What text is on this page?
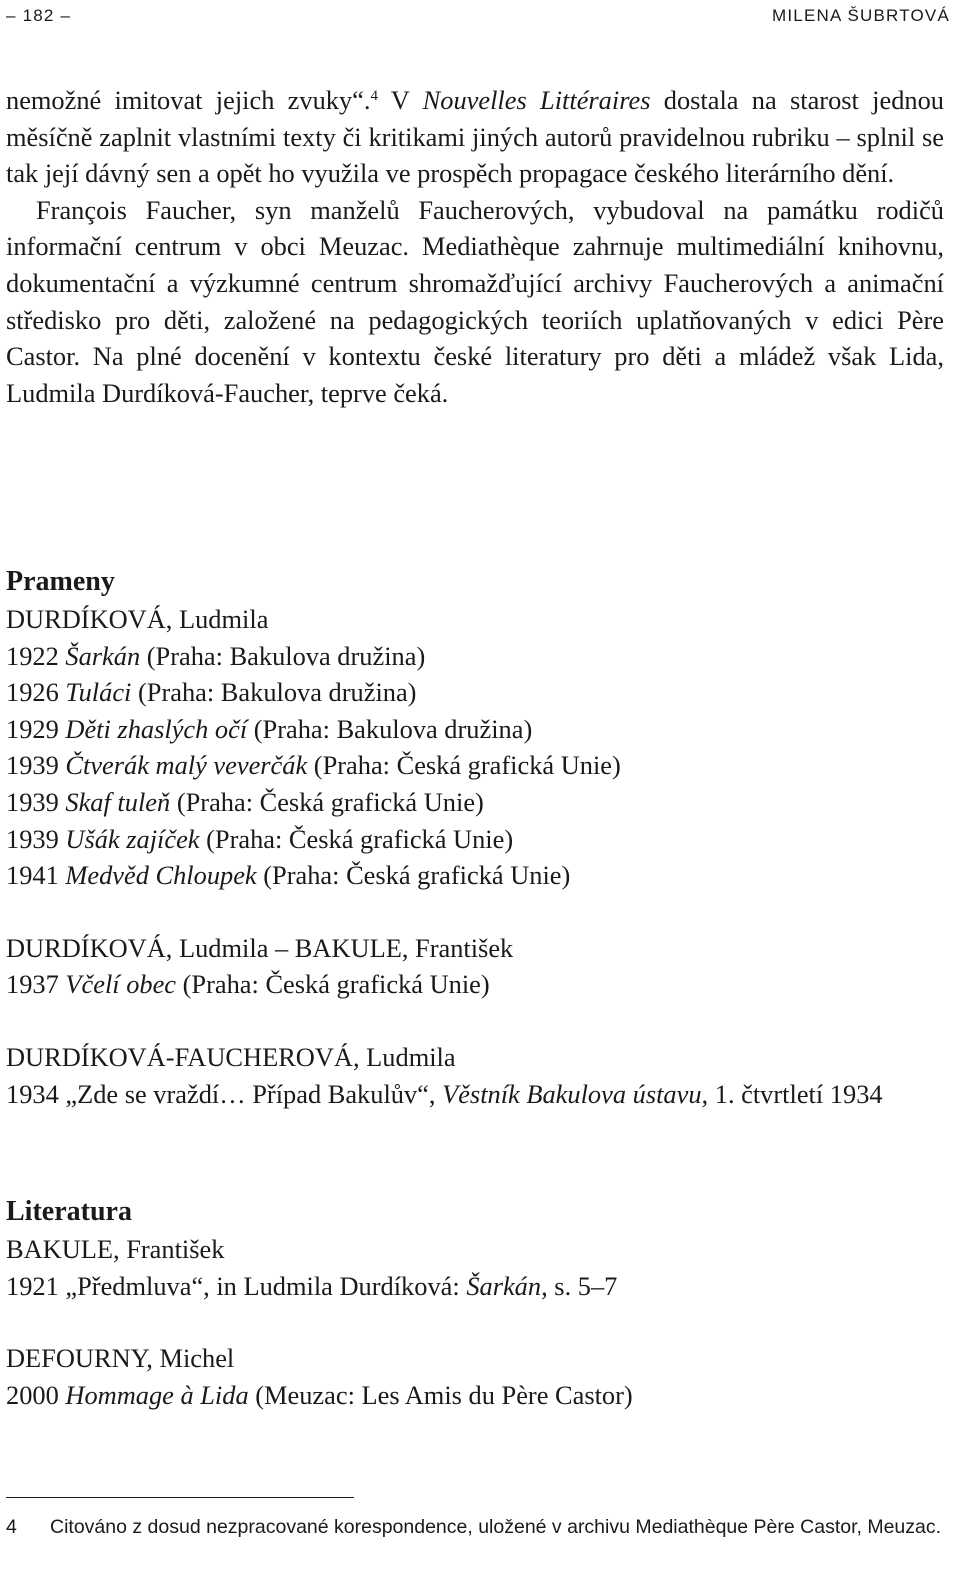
– 182 –	MILENA ŠUBRTOVÁ

nemožné imitovat jejich zvuky“.$^4$ V Nouvelles Littéraires dostala na starost jednou měsíčně zaplnit vlastními texty či kritikami jiných autorů pravidelnou rubriku – splnil se tak její dávný sen a opět ho využila ve prospěch propagace českého literárního dění.

François Faucher, syn manželů Faucherových, vybudoval na památku rodičů informační centrum v obci Meuzac. Mediathèque zahrnuje multimediální knihovnu, dokumentační a výzkumné centrum shromažďující archivy Faucherových a animační středisko pro děti, založené na pedagogických teoriích uplatňovaných v edici Père Castor. Na plné docenění v kontextu české literatury pro děti a mládež však Lida, Ludmila Durdíková-Faucher, teprve čeká.

Prameny

DURDÍKOVÁ, Ludmila

1922 Šarkán (Praha: Bakulova družina)

1926 Tuláci (Praha: Bakulova družina)

1929 Děti zhaslých očí (Praha: Bakulova družina)

1939 Čtverák malý veverčák (Praha: Česká grafická Unie)

1939 Skaf tuleň (Praha: Česká grafická Unie)

1939 Ušák zajíček (Praha: Česká grafická Unie)

1941 Medvěd Chloupek (Praha: Česká grafická Unie)

DURDÍKOVÁ, Ludmila – BAKULE, František

1937 Včelí obec (Praha: Česká grafická Unie)

DURDÍKOVÁ-FAUCHEROVÁ, Ludmila

1934 „Zde se vraždí… Případ Bakulův“, Věstník Bakulova ústavu, 1. čtvrtletí 1934

Literatura

BAKULE, František

1921 „Předmluva“, in Ludmila Durdíková: Šarkán, s. 5–7

DEFOURNY, Michel

2000 Hommage à Lida (Meuzac: Les Amis du Père Castor)

4 Citováno z dosud nezpracované korespondence, uložené v archivu Mediathèque Père Castor, Meuzac.
